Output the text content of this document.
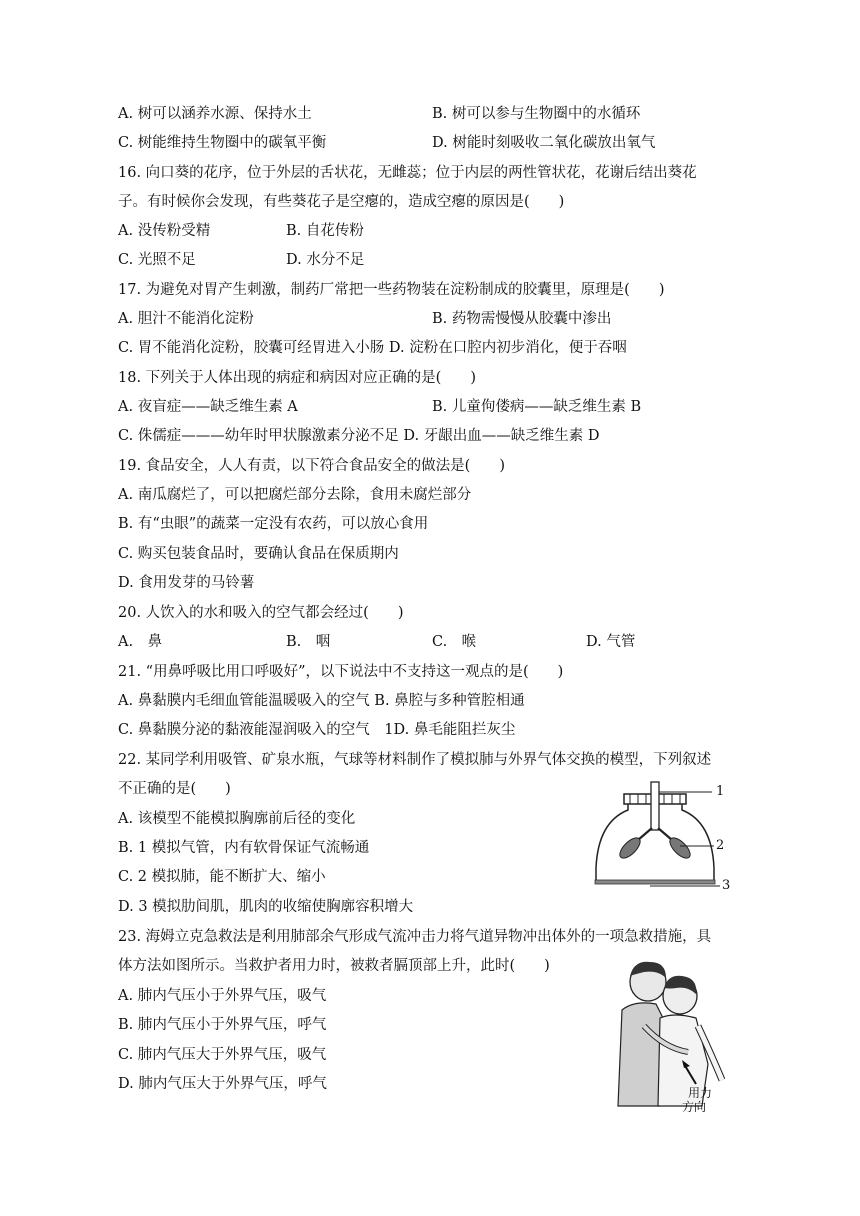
A. 树可以涵养水源、保持水土	B. 树可以参与生物圈中的水循环
C. 树能维持生物圈中的碳氧平衡	D. 树能时刻吸收二氧化碳放出氧气
16. 向口葵的花序，位于外层的舌状花，无雌蕊；位于内层的两性管状花，花谢后结出葵花
子。有时候你会发现，有些葵花子是空瘪的，造成空瘪的原因是(　　)
A. 没传粉受精	B. 自花传粉
C. 光照不足	D. 水分不足
17. 为避免对胃产生刺激，制药厂常把一些药物装在淀粉制成的胶囊里，原理是(　　)
A. 胆汁不能消化淀粉	B. 药物需慢慢从胶囊中渗出
C. 胃不能消化淀粉，胶囊可经胃进入小肠 D. 淀粉在口腔内初步消化，便于吞咽
18. 下列关于人体出现的病症和病因对应正确的是(　　)
A. 夜盲症——缺乏维生素 A	B. 儿童佝偻病——缺乏维生素 B
C. 侏儒症———幼年时甲状腺激素分泌不足 D. 牙龈出血——缺乏维生素 D
19. 食品安全，人人有责，以下符合食品安全的做法是(　　)
A. 南瓜腐烂了，可以把腐烂部分去除，食用未腐烂部分
B. 有“虫眼”的蔬菜一定没有农药，可以放心食用
C. 购买包装食品时，要确认食品在保质期内
D. 食用发芽的马铃薯
20. 人饮入的水和吸入的空气都会经过(　　)
A.　鼻	B.　咽	C.　喉	D. 气管
21. “用鼻呼吸比用口呼吸好”，以下说法中不支持这一观点的是(　　)
A. 鼻黏膜内毛细血管能温暖吸入的空气 B. 鼻腔与多种管腔相通
C. 鼻黏膜分泌的黏液能湿润吸入的空气　1D. 鼻毛能阻拦灰尘
22. 某同学利用吸管、矿泉水瓶，气球等材料制作了模拟肺与外界气体交换的模型，下列叙述
不正确的是(　　)
A. 该模型不能模拟胸廓前后径的变化
B. 1 模拟气管，内有软骨保证气流畅通
C. 2 模拟肺，能不断扩大、缩小
D. 3 模拟肋间肌，肌肉的收缩使胸廓容积增大
1
2
3
23. 海姆立克急救法是利用肺部余气形成气流冲击力将气道异物冲出体外的一项急救措施，具
体方法如图所示。当救护者用力时，被救者膈顶部上升，此时(　　)
A. 肺内气压小于外界气压，吸气
B. 肺内气压小于外界气压，呼气
C. 肺内气压大于外界气压，吸气
D. 肺内气压大于外界气压，呼气
用力
方向
